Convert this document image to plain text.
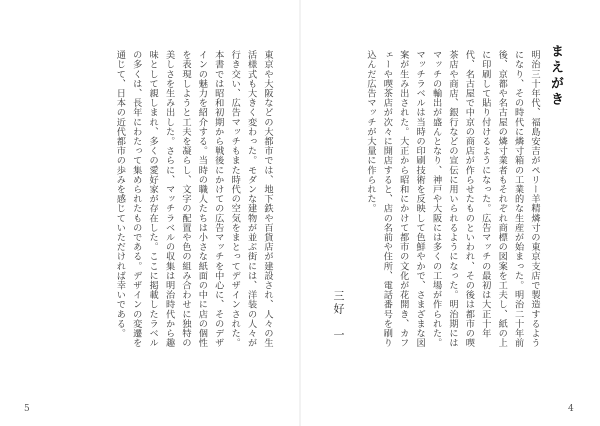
まえがき
明治三十年代、福島安吉がペリー羊精燐寸の東京支店で製造するようになり、その時代に燐寸箱の工業的な生産が始まった。明治二十年前後、京都や名古屋の燐寸業者もそれぞれ商標の図案を工夫し、紙の上に印刷して貼り付けるようになった。広告マッチの最初は大正十年代、名古屋で中京の商店が作らせたものといわれ、その後は都市の喫茶店や商店、銀行などの宣伝に用いられるようになった。明治期にはマッチの輸出が盛んとなり、神戸や大阪には多くの工場が作られた。マッチラベルは当時の印刷技術を反映して色鮮やかで、さまざまな図案が生み出された。大正から昭和にかけて都市の文化が花開き、カフェーや喫茶店が次々に開店すると、店の名前や住所、電話番号を刷り込んだ広告マッチが大量に作られた。
三好　一
東京や大阪などの大都市では、地下鉄や百貨店が建設され、人々の生活様式も大きく変わった。モダンな建物が並ぶ街には、洋装の人々が行き交い、広告マッチもまた時代の空気をまとってデザインされた。本書では昭和初期から戦後にかけての広告マッチを中心に、そのデザインの魅力を紹介する。当時の職人たちは小さな紙面の中に店の個性を表現しようと工夫を凝らし、文字の配置や色の組み合わせに独特の美しさを生み出した。さらに、マッチラベルの収集は明治時代から趣味として親しまれ、多くの愛好家が存在した。ここに掲載したラベルの多くは、長年にわたって集められたものである。デザインの変遷を通じて、日本の近代都市の歩みを感じていただければ幸いである。
5	4
